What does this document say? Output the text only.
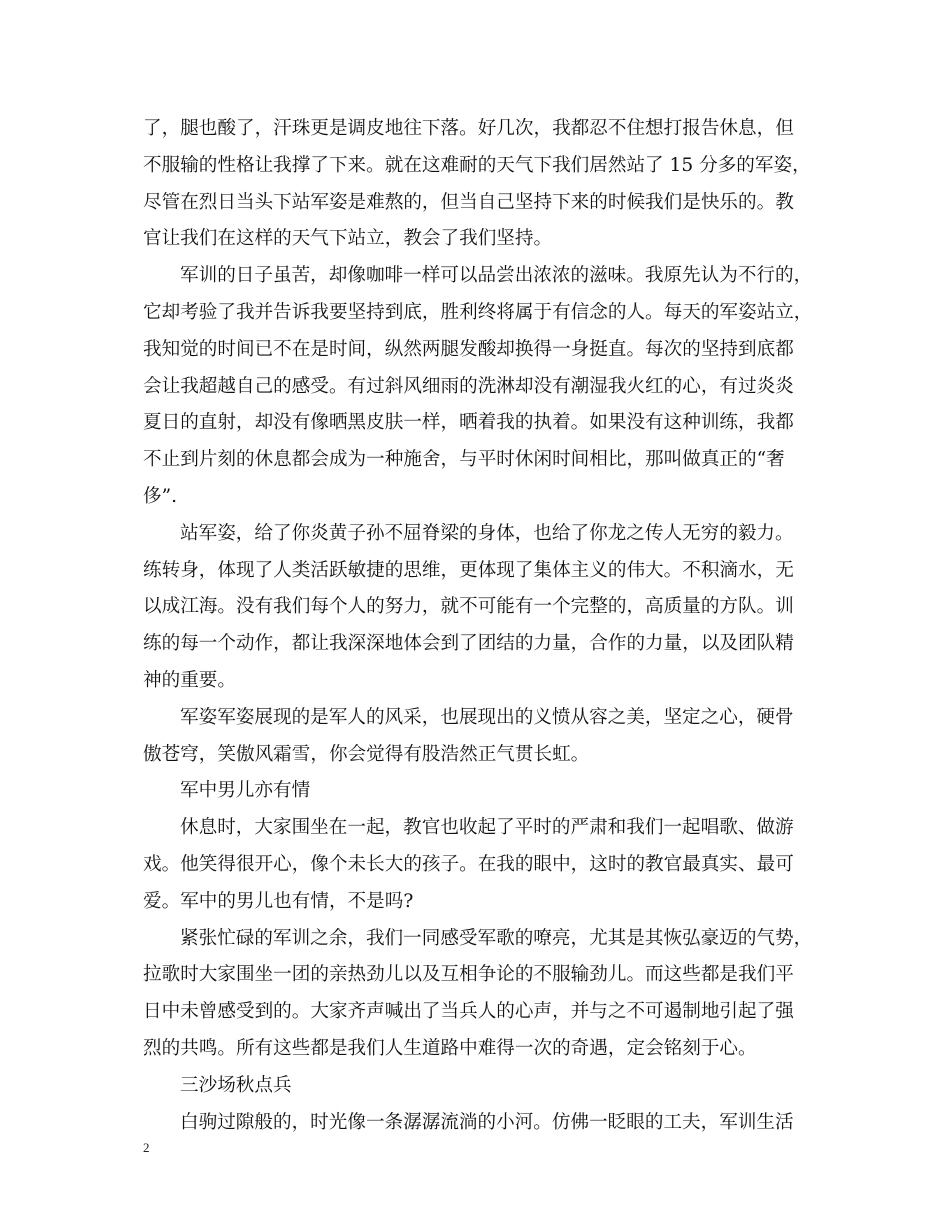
了，腿也酸了，汗珠更是调皮地往下落。好几次，我都忍不住想打报告休息，但
不服输的性格让我撑了下来。就在这难耐的天气下我们居然站了 15 分多的军姿，
尽管在烈日当头下站军姿是难熬的，但当自己坚持下来的时候我们是快乐的。教
官让我们在这样的天气下站立，教会了我们坚持。
军训的日子虽苦，却像咖啡一样可以品尝出浓浓的滋味。我原先认为不行的，
它却考验了我并告诉我要坚持到底，胜利终将属于有信念的人。每天的军姿站立，
我知觉的时间已不在是时间，纵然两腿发酸却换得一身挺直。每次的坚持到底都
会让我超越自己的感受。有过斜风细雨的洗淋却没有潮湿我火红的心，有过炎炎
夏日的直射，却没有像晒黑皮肤一样，晒着我的执着。如果没有这种训练，我都
不止到片刻的休息都会成为一种施舍，与平时休闲时间相比，那叫做真正的“奢
侈”.
站军姿，给了你炎黄子孙不屈脊梁的身体，也给了你龙之传人无穷的毅力。
练转身，体现了人类活跃敏捷的思维，更体现了集体主义的伟大。不积滴水，无
以成江海。没有我们每个人的努力，就不可能有一个完整的，高质量的方队。训
练的每一个动作，都让我深深地体会到了团结的力量，合作的力量，以及团队精
神的重要。
军姿军姿展现的是军人的风采，也展现出的义愤从容之美，坚定之心，硬骨
傲苍穹，笑傲风霜雪，你会觉得有股浩然正气贯长虹。
军中男儿亦有情
休息时，大家围坐在一起，教官也收起了平时的严肃和我们一起唱歌、做游
戏。他笑得很开心，像个未长大的孩子。在我的眼中，这时的教官最真实、最可
爱。军中的男儿也有情，不是吗?
紧张忙碌的军训之余，我们一同感受军歌的嘹亮，尤其是其恢弘豪迈的气势，
拉歌时大家围坐一团的亲热劲儿以及互相争论的不服输劲儿。而这些都是我们平
日中未曾感受到的。大家齐声喊出了当兵人的心声，并与之不可遏制地引起了强
烈的共鸣。所有这些都是我们人生道路中难得一次的奇遇，定会铭刻于心。
三沙场秋点兵
白驹过隙般的，时光像一条潺潺流淌的小河。仿佛一眨眼的工夫，军训生活
2
